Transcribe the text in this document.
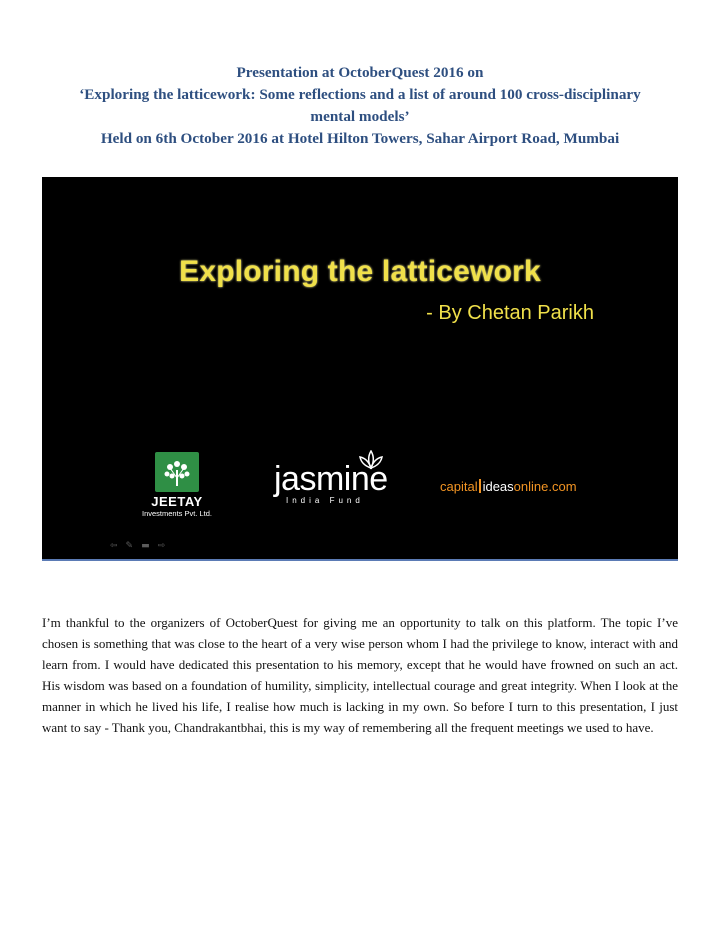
Presentation at OctoberQuest 2016 on
‘Exploring the latticework: Some reflections and a list of around 100 cross-disciplinary
mental models’
Held on 6th October 2016 at Hotel Hilton Towers, Sahar Airport Road, Mumbai
Exploring the latticework
- By Chetan Parikh
JEETAY
Investments Pvt. Ltd.
jasmine
India Fund
capital ideasonline.com
⇦ ✎ ▬ ⇨

I’m thankful to the organizers of OctoberQuest for giving me an opportunity to talk on this platform. The topic I’ve chosen is something that was close to the heart of a very wise person whom I had the privilege to know, interact with and learn from. I would have dedicated this presentation to his memory, except that he would have frowned on such an act. His wisdom was based on a foundation of humility, simplicity, intellectual courage and great integrity. When I look at the manner in which he lived his life, I realise how much is lacking in my own. So before I turn to this presentation, I just want to say - Thank you, Chandrakantbhai, this is my way of remembering all the frequent meetings we used to have.
